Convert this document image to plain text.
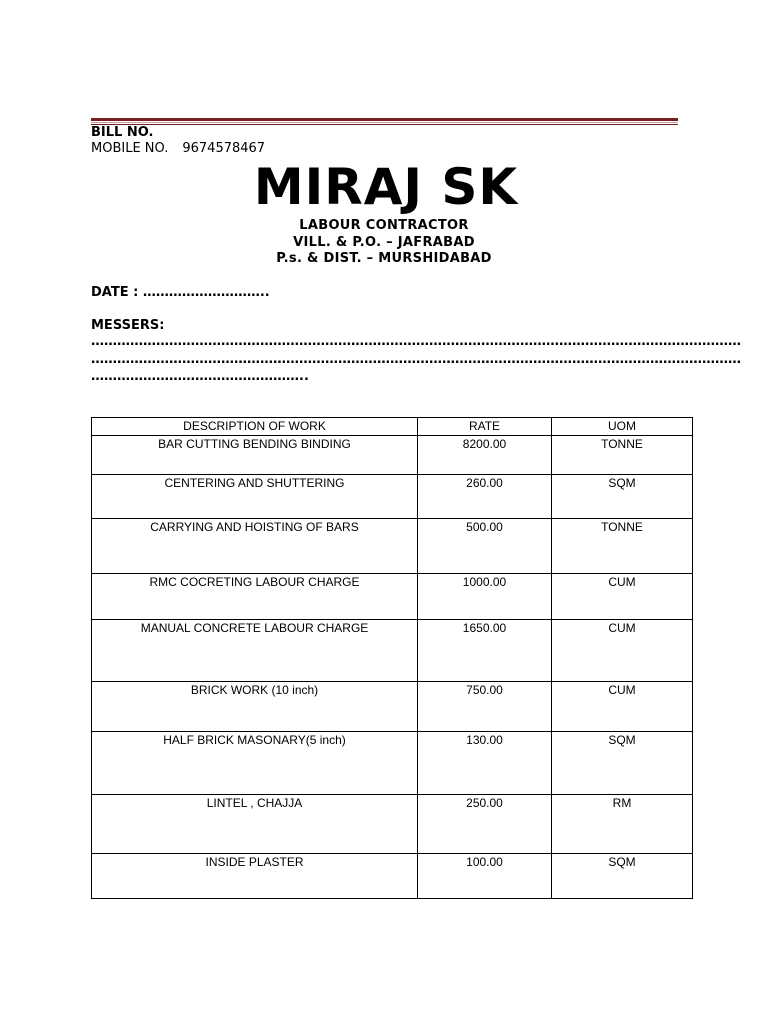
BILL NO.
MOBILE NO. 9674578467
MIRAJ SK
LABOUR CONTRACTOR
VILL. & P.O. – JAFRABAD
P.s. & DIST. – MURSHIDABAD
DATE : ………………………..
MESSERS:
……………………………………………………………………………………………………………………………………
……………………………………………………………………………………………………………………………………
…………………………………………..
DESCRIPTION OF WORK	RATE	UOM
BAR CUTTING BENDING BINDING	8200.00	TONNE
CENTERING AND SHUTTERING	260.00	SQM
CARRYING AND HOISTING OF BARS	500.00	TONNE
RMC COCRETING LABOUR CHARGE	1000.00	CUM
MANUAL CONCRETE LABOUR CHARGE	1650.00	CUM
BRICK WORK (10 inch)	750.00	CUM
HALF BRICK MASONARY(5 inch)	130.00	SQM
LINTEL , CHAJJA	250.00	RM
INSIDE PLASTER	100.00	SQM
